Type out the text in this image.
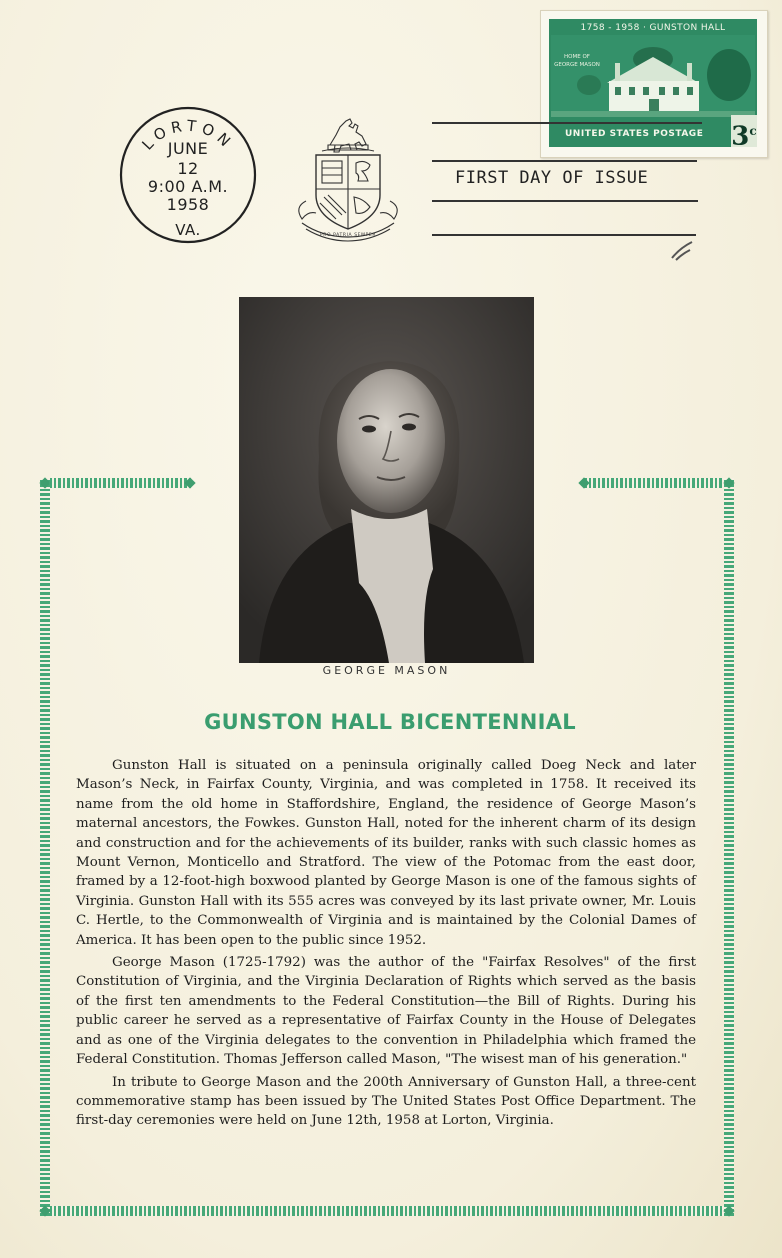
LORTON
JUNE
12
9:00 A.M.
1958
VA.	PRO PATRIA SEMPER
1758 - 1958 · GUNSTON HALL
HOME OF GEORGE MASON
UNITED STATES POSTAGE 3$^c$
FIRST DAY OF ISSUE
GEORGE MASON
GUNSTON HALL BICENTENNIAL

Gunston Hall is situated on a peninsula originally called Doeg Neck and later Mason’s Neck, in Fairfax County, Virginia, and was completed in 1758. It received its name from the old home in Staffordshire, England, the residence of George Mason’s maternal ancestors, the Fowkes. Gunston Hall, noted for the inherent charm of its design and construction and for the achievements of its builder, ranks with such classic homes as Mount Vernon, Monticello and Stratford. The view of the Potomac from the east door, framed by a 12-foot-high boxwood planted by George Mason is one of the famous sights of Virginia. Gunston Hall with its 555 acres was conveyed by its last private owner, Mr. Louis C. Hertle, to the Commonwealth of Virginia and is maintained by the Colonial Dames of America. It has been open to the public since 1952.

George Mason (1725-1792) was the author of the "Fairfax Resolves" of the first Constitution of Virginia, and the Virginia Declaration of Rights which served as the basis of the first ten amendments to the Federal Constitution—the Bill of Rights. During his public career he served as a representative of Fairfax County in the House of Delegates and as one of the Virginia delegates to the convention in Philadelphia which framed the Federal Constitution. Thomas Jefferson called Mason, "The wisest man of his generation."

In tribute to George Mason and the 200th Anniversary of Gunston Hall, a three-cent commemorative stamp has been issued by The United States Post Office Department. The first-day ceremonies were held on June 12th, 1958 at Lorton, Virginia.
